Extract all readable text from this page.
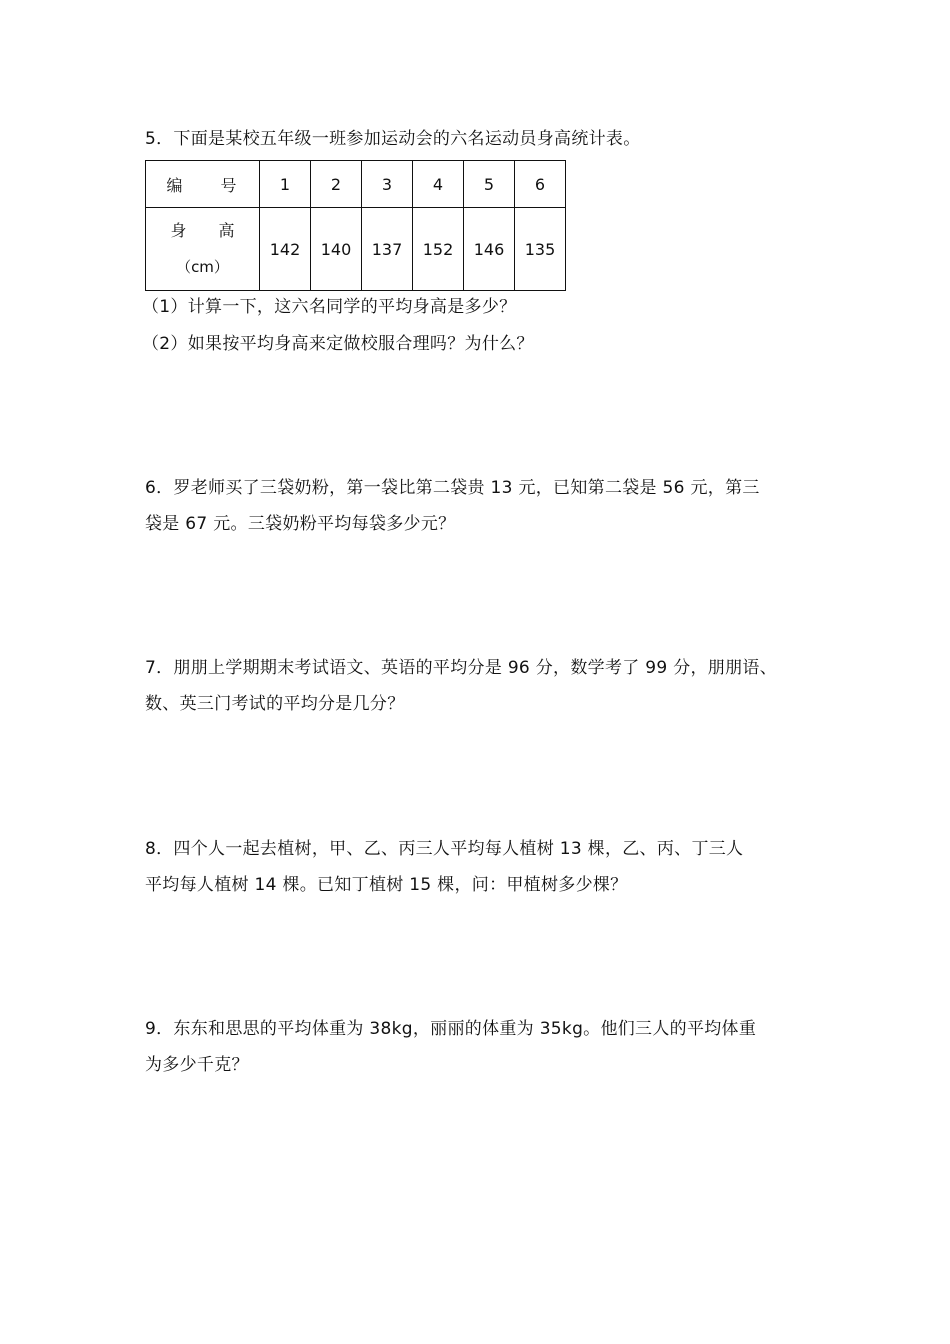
5．下面是某校五年级一班参加运动会的六名运动员身高统计表。
编　　号	1	2	3	4	5	6
身　　高
（cm）	142	140	137	152	146	135
（1）计算一下，这六名同学的平均身高是多少？
（2）如果按平均身高来定做校服合理吗？为什么？
6．罗老师买了三袋奶粉，第一袋比第二袋贵 13 元，已知第二袋是 56 元，第三
袋是 67 元。三袋奶粉平均每袋多少元？
7．朋朋上学期期末考试语文、英语的平均分是 96 分，数学考了 99 分，朋朋语、
数、英三门考试的平均分是几分？
8．四个人一起去植树，甲、乙、丙三人平均每人植树 13 棵，乙、丙、丁三人
平均每人植树 14 棵。已知丁植树 15 棵，问：甲植树多少棵？
9．东东和思思的平均体重为 38kg，丽丽的体重为 35kg。他们三人的平均体重
为多少千克？
